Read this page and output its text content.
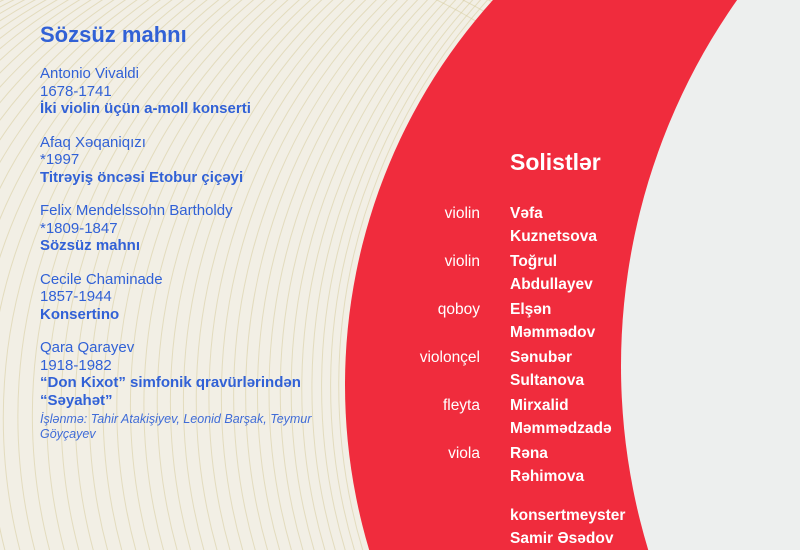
Sözsüz mahnı
Antonio Vivaldi
1678-1741
İki violin üçün a-moll konserti
Afaq Xəqaniqızı
*1997
Titrəyiş öncəsi Etobur çiçəyi
Felix Mendelssohn Bartholdy
*1809-1847
Sözsüz mahnı
Cecile Chaminade
1857-1944
Konsertino
Qara Qarayev
1918-1982
“Don Kixot” simfonik qravürlərindən “Səyahət”
İşlənmə: Tahir Atakişiyev, Leonid Barşak, Teymur Göyçayev
Solistlər
violin Vəfa Kuznetsova
violin Toğrul Abdullayev
qoboy Elşən Məmmədov
violonçel Sənubər Sultanova
fleyta Mirxalid Məmmədzadə
viola Rəna Rəhimova
konsertmeyster
Samir Əsədov
